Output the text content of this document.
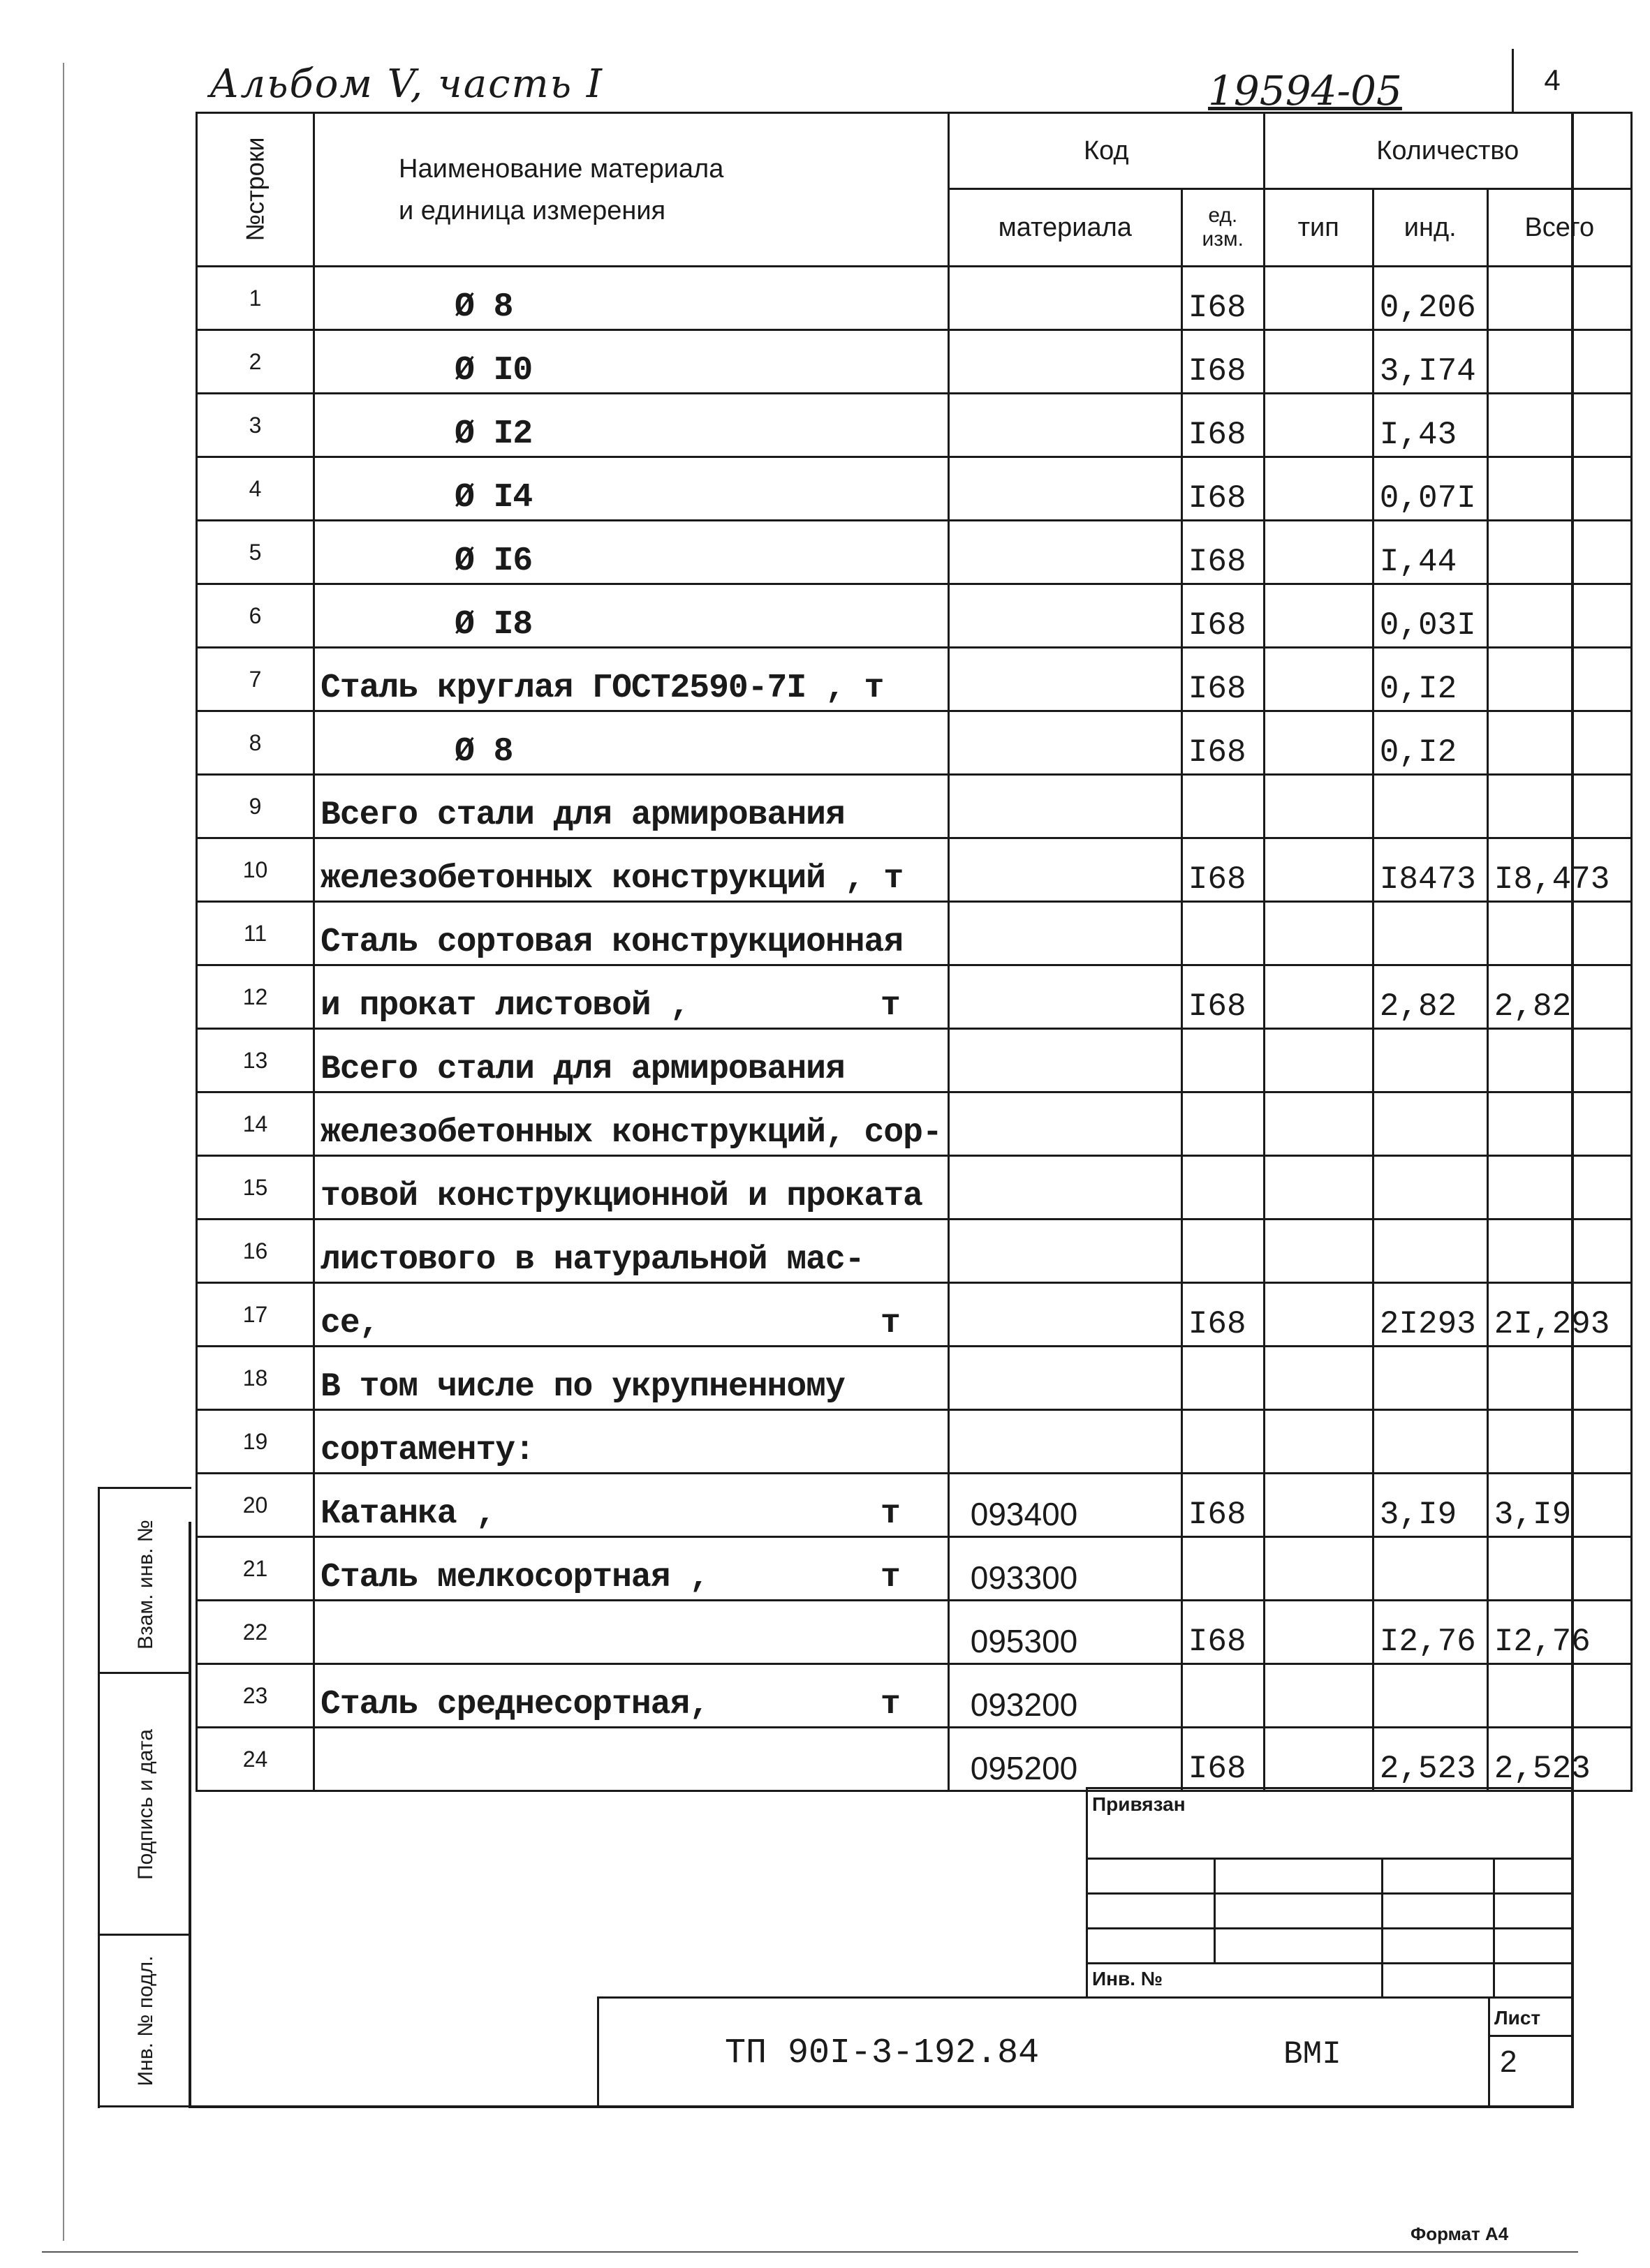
Альбом V, часть I	19594-05	4
Взам. инв. №
Подпись и дата
Инв. № подл.
№строки	Наименование материала
и единица измерения	Код		Количество		
		материала	ед. изм.	тип	инд.	Всего
1	Ø 8		I68		0,206	
2	Ø I0		I68		3,I74	
3	Ø I2		I68		I,43	
4	Ø I4		I68		0,07I	
5	Ø I6		I68		I,44	
6	Ø I8		I68		0,03I	
7	Сталь круглая ГОСТ2590-7I , т		I68		0,I2	
8	Ø 8		I68		0,I2	
9	Всего стали для армирования

10	железобетонных конструкций , т		I68		I8473	I8,473
11	Сталь сортовая конструкционная

12	и прокат листовой , т		I68		2,82	2,82
13	Всего стали для армирования

14	железобетонных конструкций, сор-

15	товой конструкционной и проката

16	листового в натуральной мас-

17	се, т		I68		2I293	2I,293
18	В том числе по укрупненному

19	сортаменту:

20	Катанка , т	093400	I68		3,I9	3,I9
21	Сталь мелкосортная , т	093300				
22		095300	I68		I2,76	I2,76
23	Сталь среднесортная, т	093200				
24		095200	I68		2,523	2,523
Привязан
Инв. №
ТП 90I-3-192.84	ВМI
Лист
2
Формат А4
